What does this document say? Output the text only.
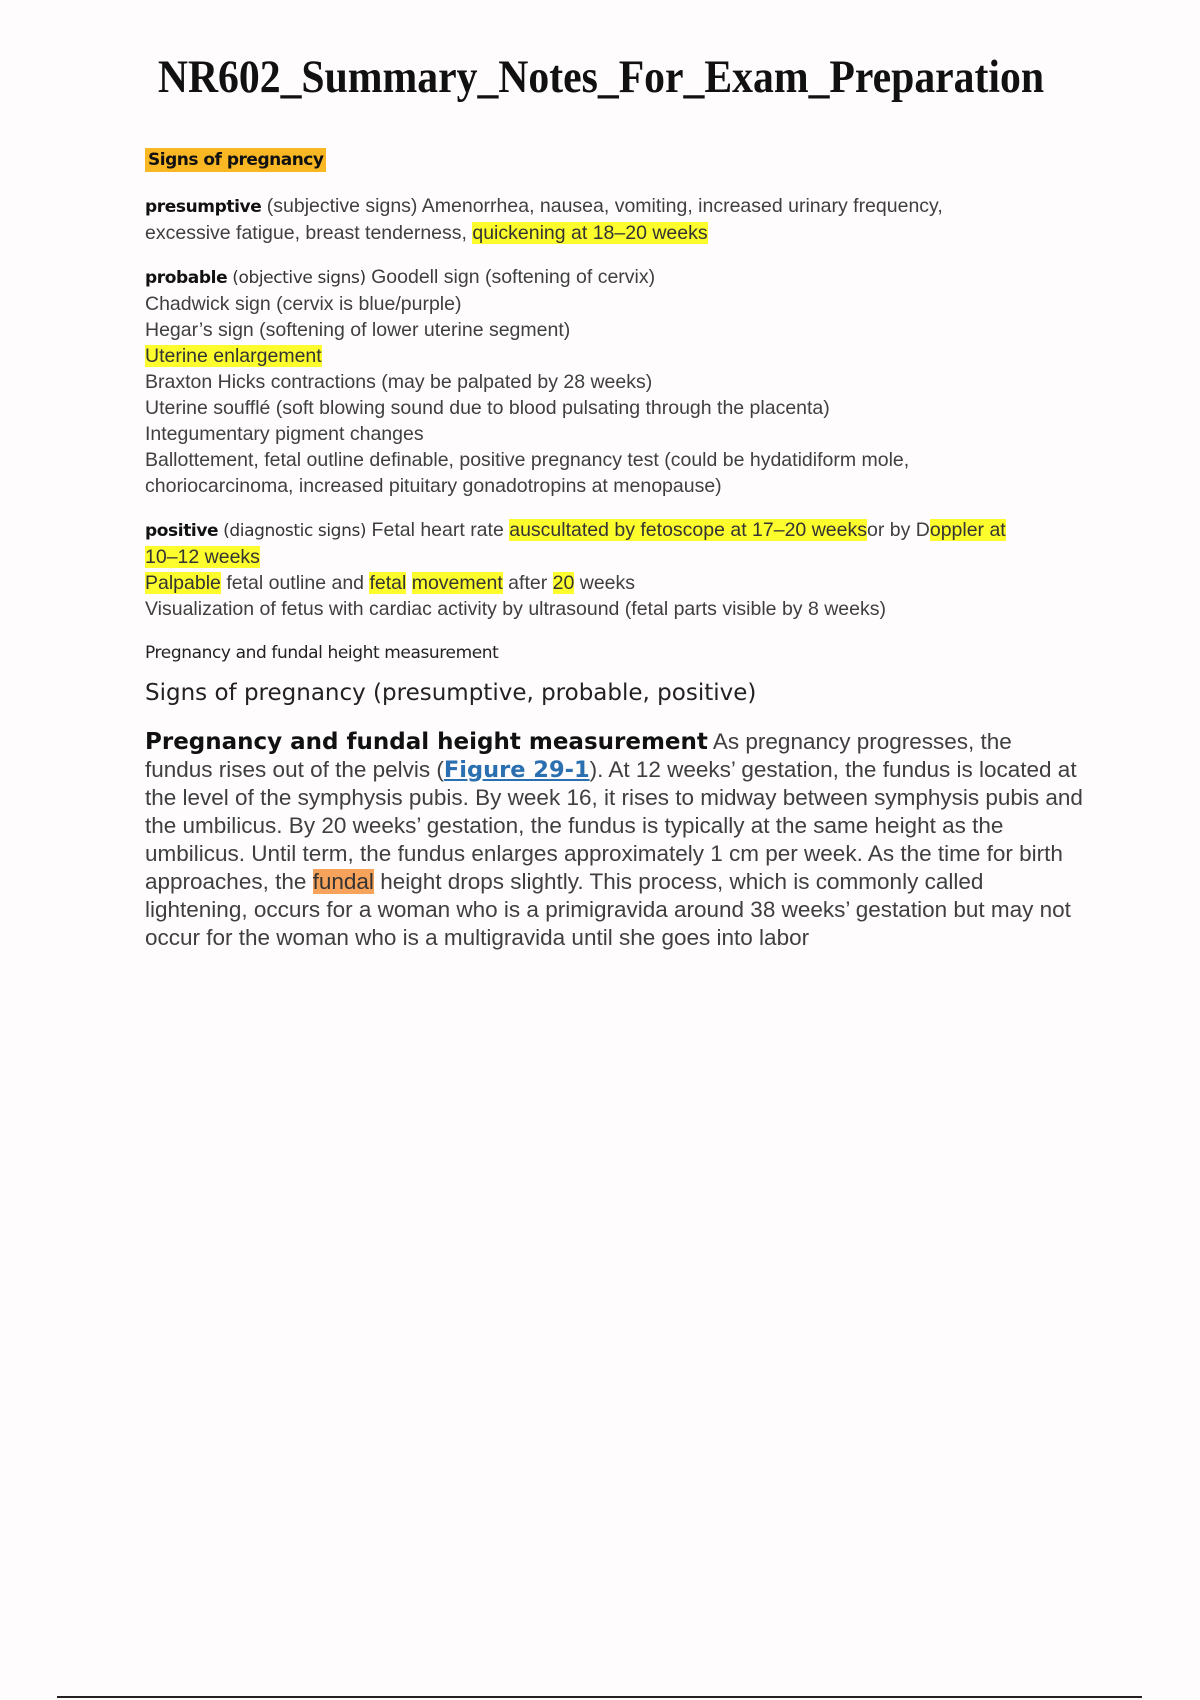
NR602_Summary_Notes_For_Exam_Preparation

Signs of pregnancy

presumptive (subjective signs) Amenorrhea, nausea, vomiting, increased urinary frequency,
excessive fatigue, breast tenderness, quickening at 18–20 weeks

probable (objective signs) Goodell sign (softening of cervix)
Chadwick sign (cervix is blue/purple)
Hegar’s sign (softening of lower uterine segment)
Uterine enlargement
Braxton Hicks contractions (may be palpated by 28 weeks)
Uterine soufflé (soft blowing sound due to blood pulsating through the placenta)
Integumentary pigment changes
Ballottement, fetal outline definable, positive pregnancy test (could be hydatidiform mole,
choriocarcinoma, increased pituitary gonadotropins at menopause)

positive (diagnostic signs) Fetal heart rate auscultated by fetoscope at 17–20 weeksor by Doppler at
10–12 weeks
Palpable fetal outline and fetal movement after 20 weeks
Visualization of fetus with cardiac activity by ultrasound (fetal parts visible by 8 weeks)

Pregnancy and fundal height measurement

Signs of pregnancy (presumptive, probable, positive)

Pregnancy and fundal height measurement As pregnancy progresses, the fundus rises out of the pelvis (Figure 29-1). At 12 weeks’ gestation, the fundus is located at the level of the symphysis pubis. By week 16, it rises to midway between symphysis pubis and the umbilicus. By 20 weeks’ gestation, the fundus is typically at the same height as the umbilicus. Until term, the fundus enlarges approximately 1 cm per week. As the time for birth approaches, the fundal height drops slightly. This process, which is commonly called lightening, occurs for a woman who is a primigravida around 38 weeks’ gestation but may not occur for the woman who is a multigravida until she goes into labor
